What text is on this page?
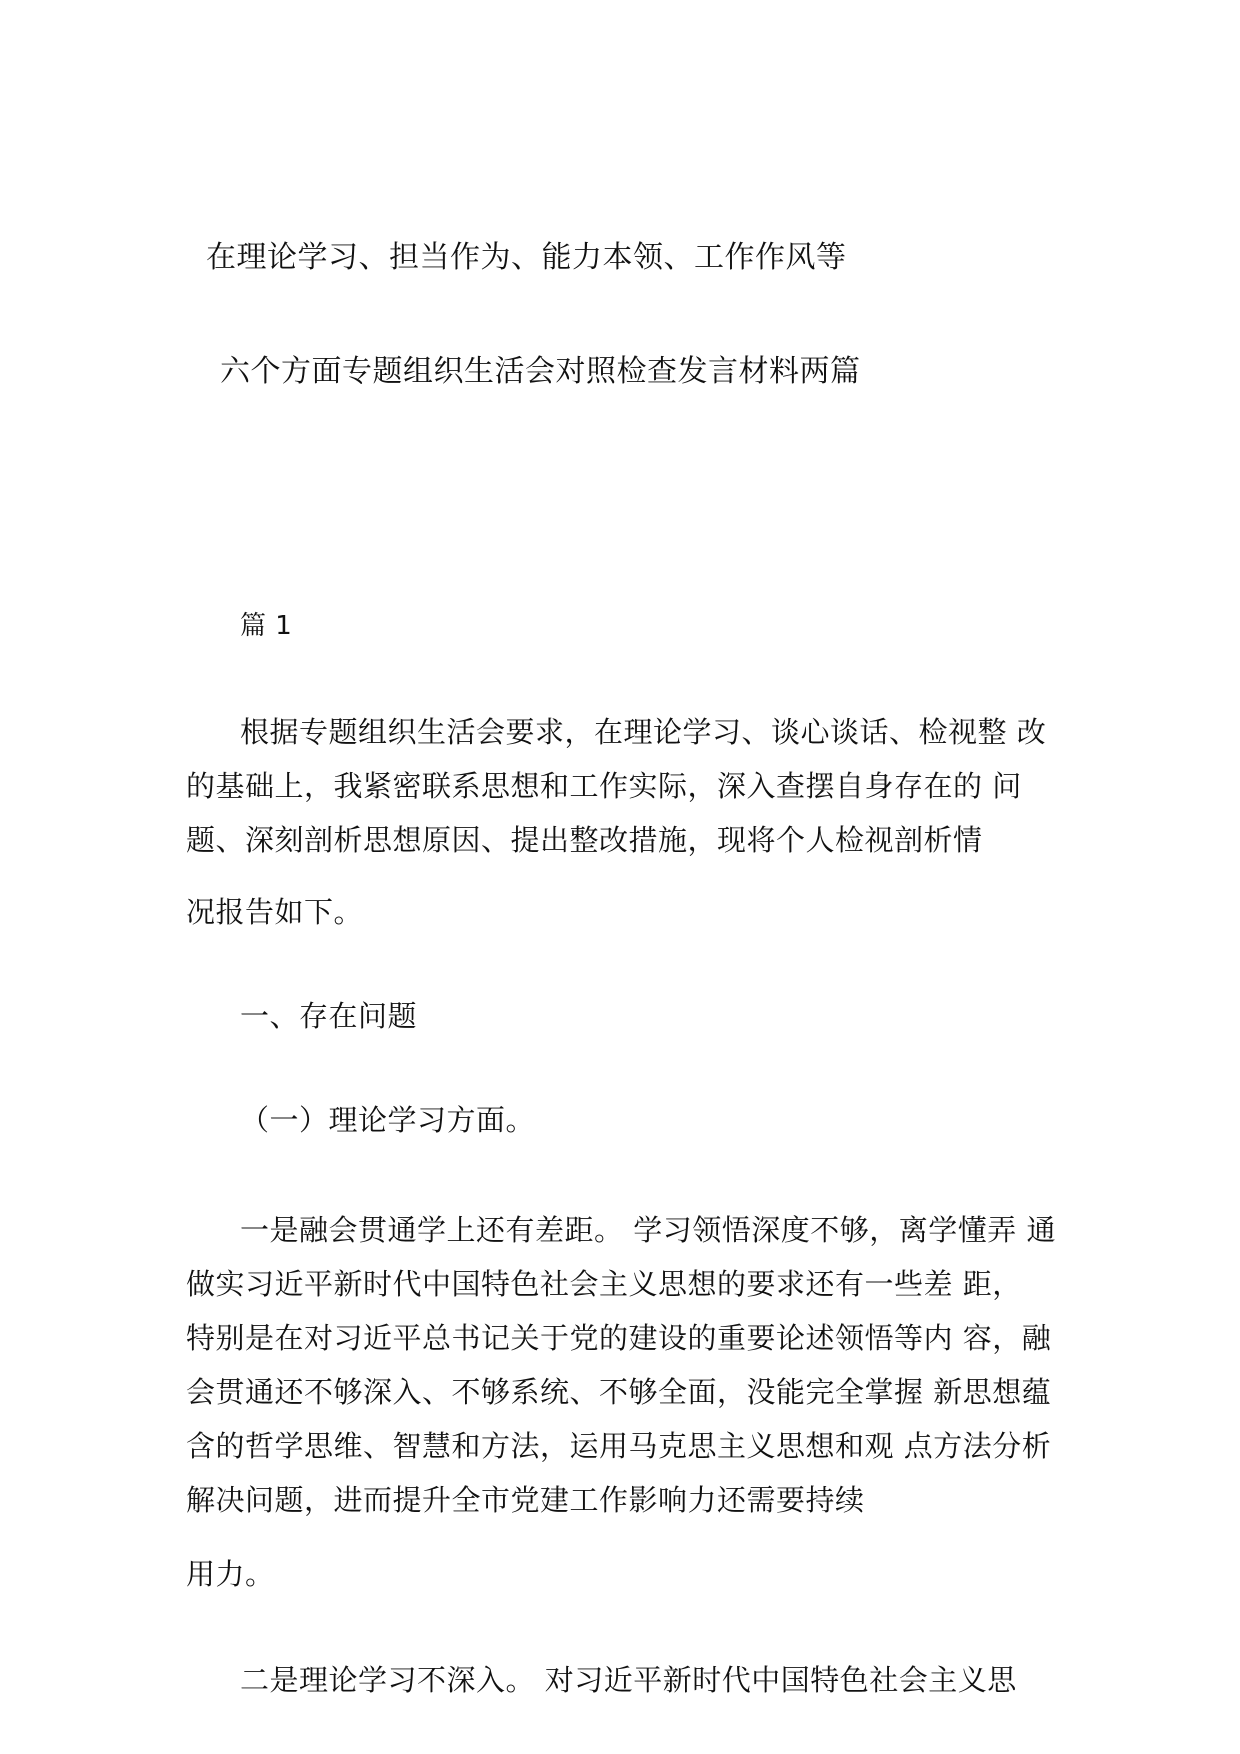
在理论学习、担当作为、能力本领、工作作风等
六个方面专题组织生活会对照检查发言材料两篇
篇 1
根据专题组织生活会要求，在理论学习、谈心谈话、检视整 改
的基础上，我紧密联系思想和工作实际，深入查摆自身存在的 问
题、深刻剖析思想原因、提出整改措施，现将个人检视剖析情
况报告如下。
一、存在问题
（一）理论学习方面。
一是融会贯通学上还有差距。 学习领悟深度不够，离学懂弄 通
做实习近平新时代中国特色社会主义思想的要求还有一些差 距，
特别是在对习近平总书记关于党的建设的重要论述领悟等内 容，融
会贯通还不够深入、不够系统、不够全面，没能完全掌握 新思想蕴
含的哲学思维、智慧和方法，运用马克思主义思想和观 点方法分析
解决问题，进而提升全市党建工作影响力还需要持续
用力。
二是理论学习不深入。 对习近平新时代中国特色社会主义思
